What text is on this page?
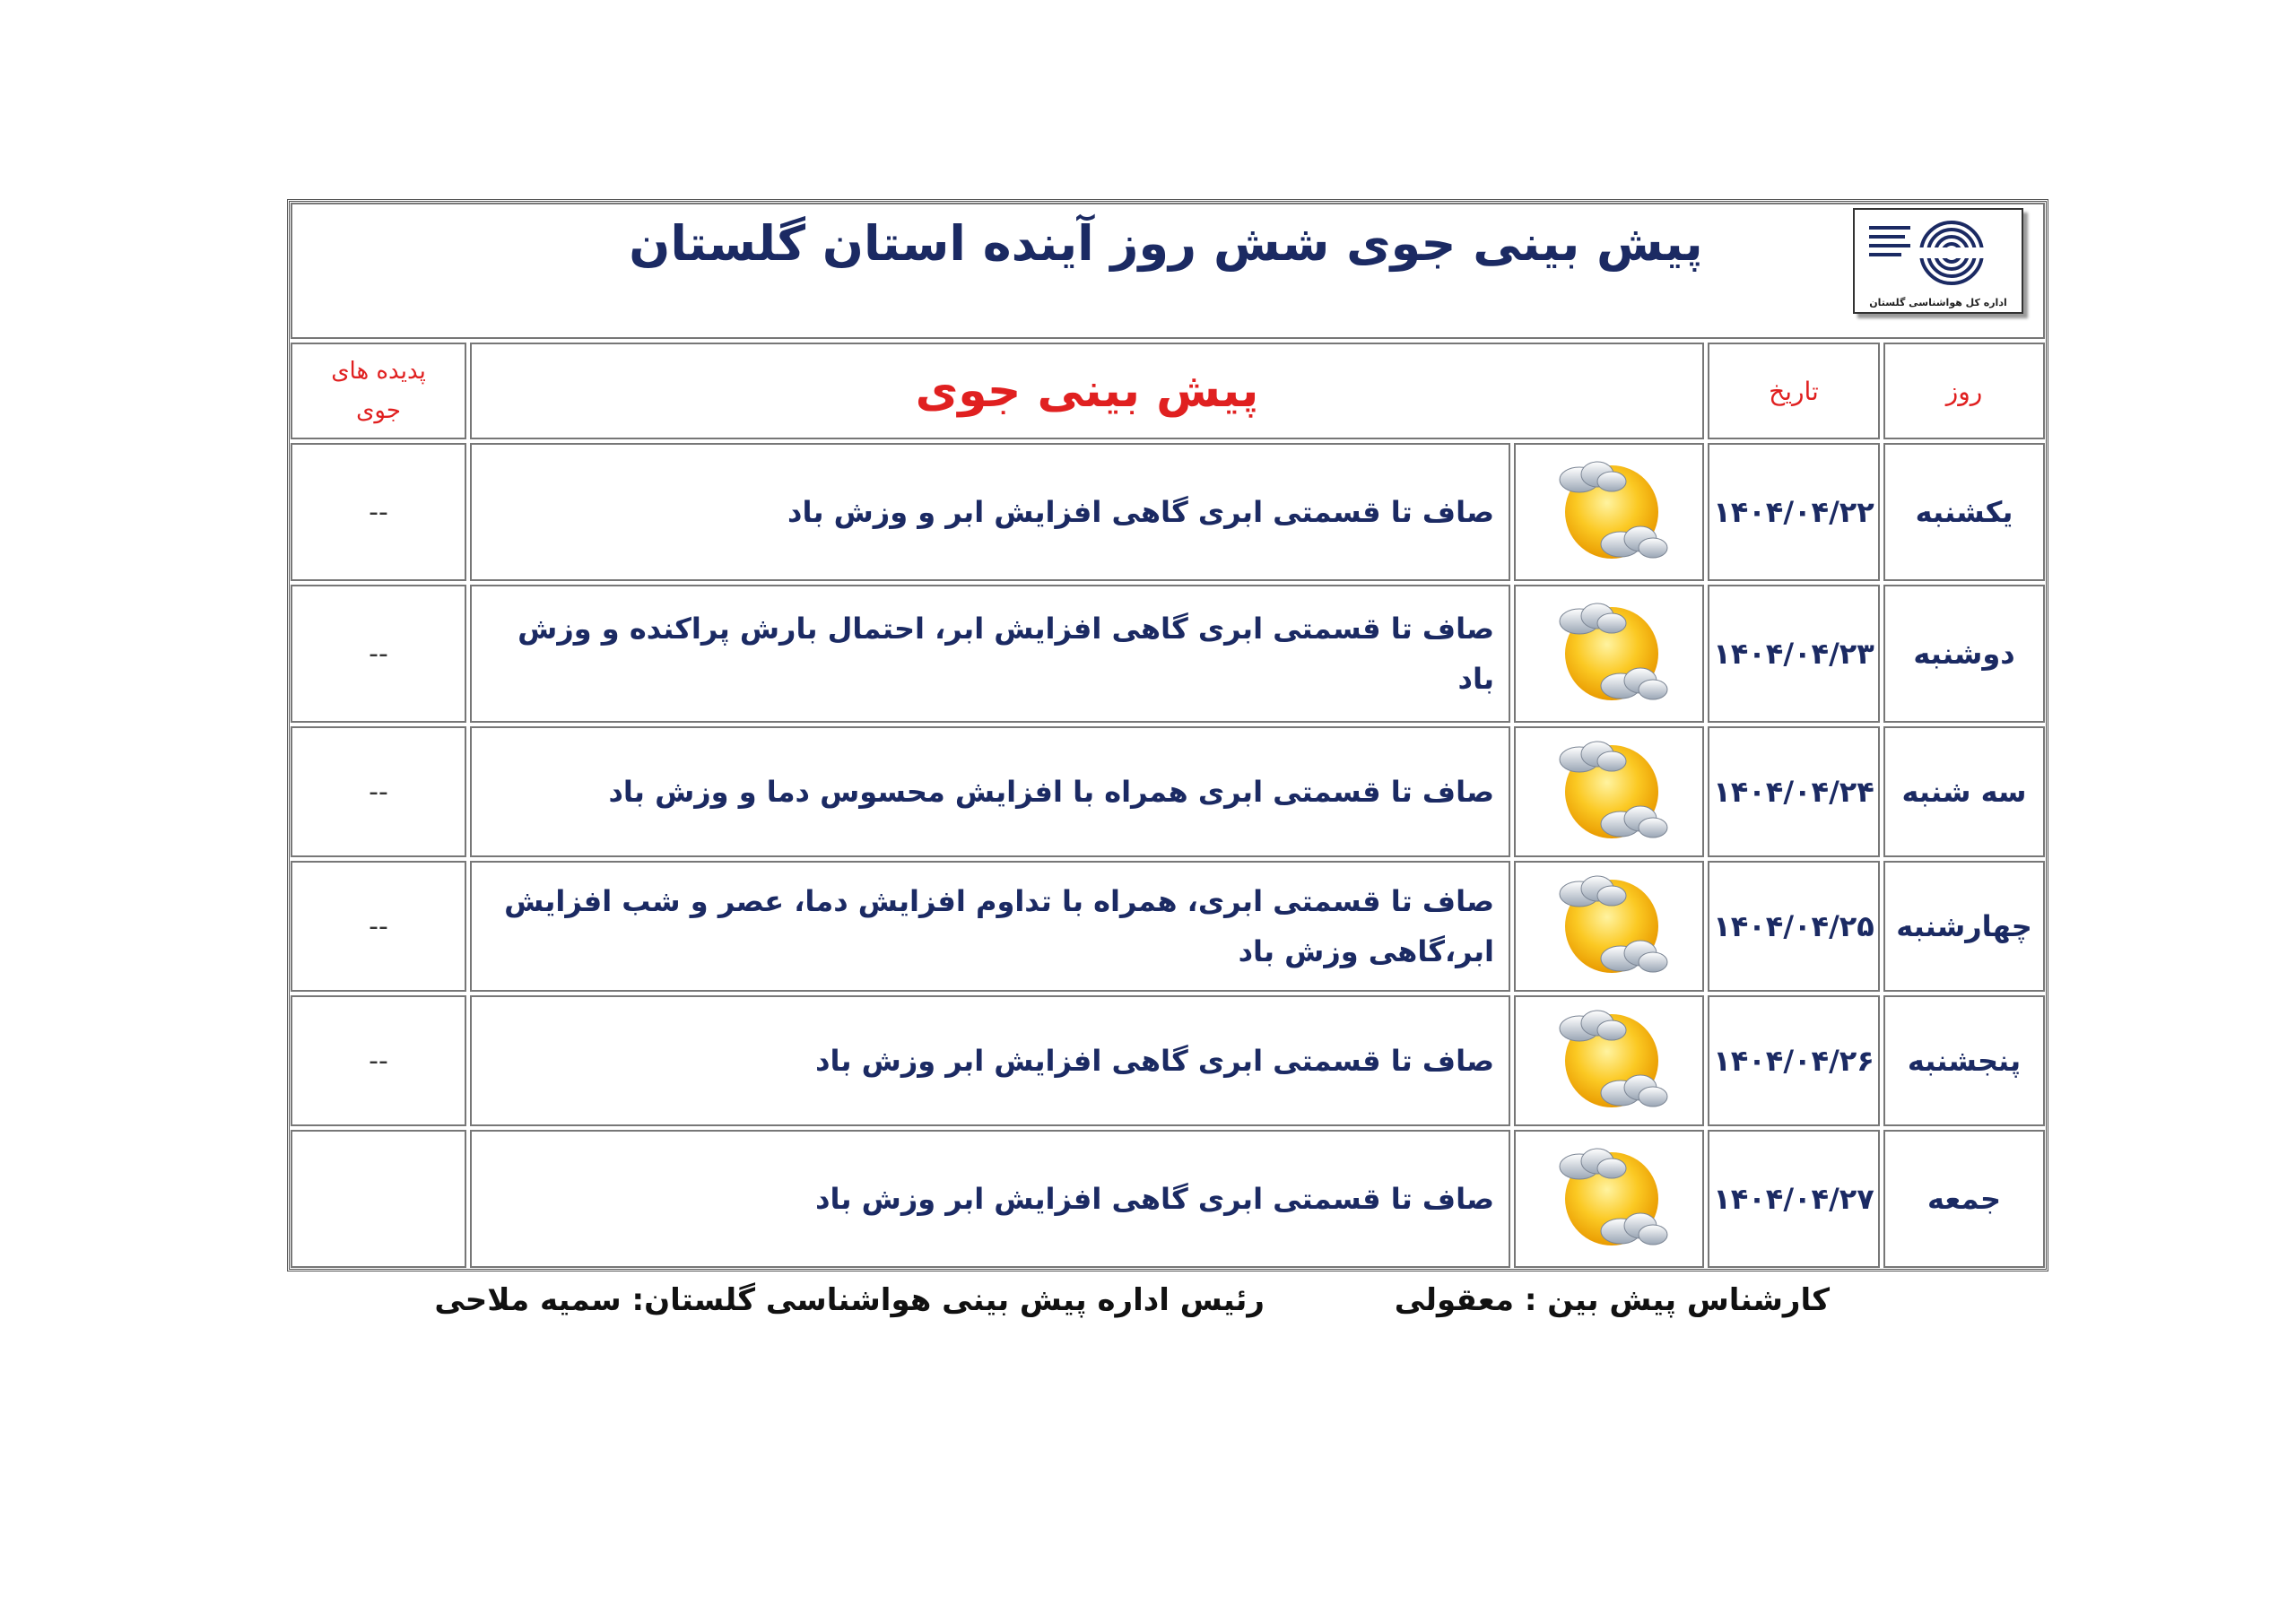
پیش بینی جوی شش روز آینده استان گلستان
اداره کل هواشناسی گلستان
روز
تاریخ
پیش بینی جوی
پدیده های
جوی
یکشنبه
۱۴۰۴/۰۴/۲۲
صاف تا قسمتی ابری گاهی افزایش ابر و وزش باد
--
دوشنبه
۱۴۰۴/۰۴/۲۳
صاف تا قسمتی ابری گاهی افزایش ابر، احتمال بارش پراکنده و وزش باد
--
سه شنبه
۱۴۰۴/۰۴/۲۴
صاف تا قسمتی ابری همراه با افزایش محسوس دما و وزش باد
--
چهارشنبه
۱۴۰۴/۰۴/۲۵
صاف تا قسمتی ابری، همراه با تداوم افزایش دما، عصر و شب افزایش ابر،گاهی وزش باد
--
پنجشنبه
۱۴۰۴/۰۴/۲۶
صاف تا قسمتی ابری گاهی افزایش ابر وزش باد
--
جمعه
۱۴۰۴/۰۴/۲۷
صاف تا قسمتی ابری گاهی افزایش ابر وزش باد
کارشناس پیش بین : معقولی
رئیس اداره پیش بینی هواشناسی گلستان: سمیه ملاحی
